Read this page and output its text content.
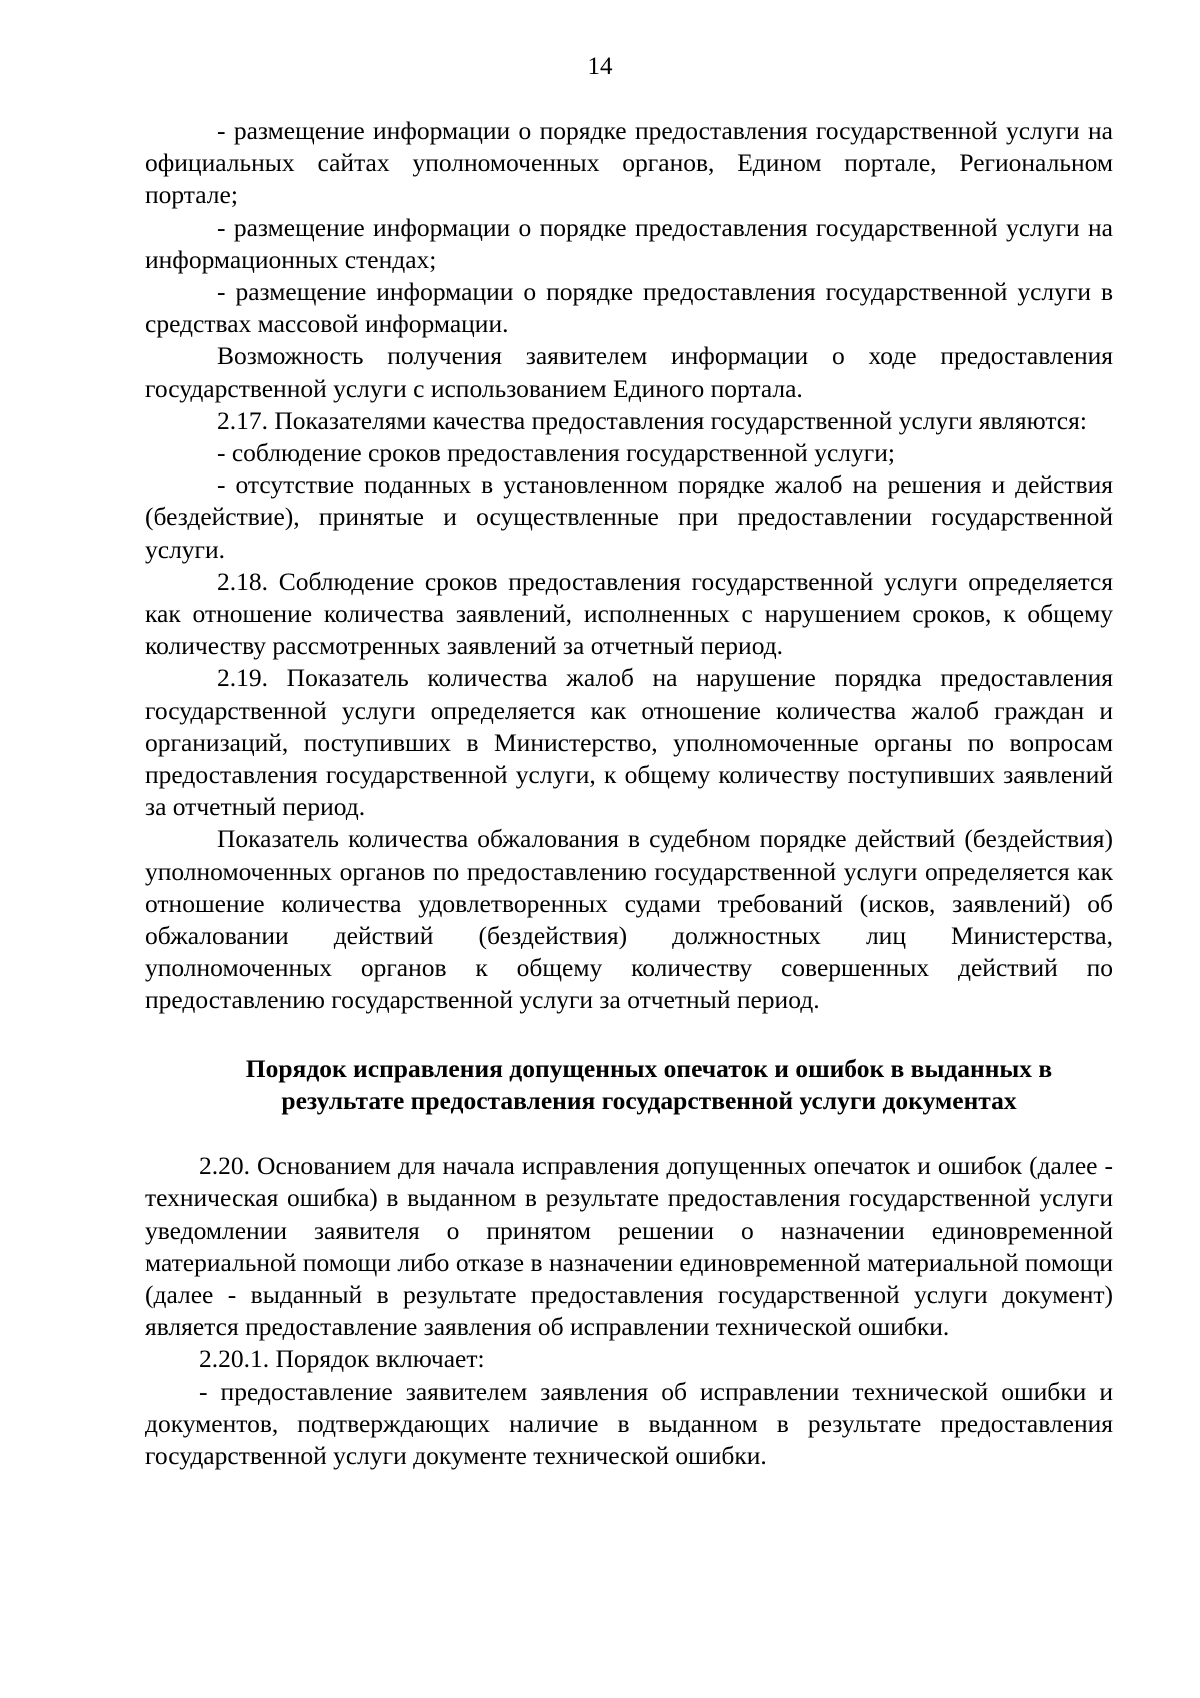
14

- размещение информации о порядке предоставления государственной услуги на официальных сайтах уполномоченных органов, Едином портале, Региональном портале;

- размещение информации о порядке предоставления государственной услуги на информационных стендах;

- размещение информации о порядке предоставления государственной услуги в средствах массовой информации.

Возможность получения заявителем информации о ходе предоставления государственной услуги с использованием Единого портала.

2.17. Показателями качества предоставления государственной услуги являются:

- соблюдение сроков предоставления государственной услуги;

- отсутствие поданных в установленном порядке жалоб на решения и действия (бездействие), принятые и осуществленные при предоставлении государственной услуги.

2.18. Соблюдение сроков предоставления государственной услуги определяется как отношение количества заявлений, исполненных с нарушением сроков, к общему количеству рассмотренных заявлений за отчетный период.

2.19. Показатель количества жалоб на нарушение порядка предоставления государственной услуги определяется как отношение количества жалоб граждан и организаций, поступивших в Министерство, уполномоченные органы по вопросам предоставления государственной услуги, к общему количеству поступивших заявлений за отчетный период.

Показатель количества обжалования в судебном порядке действий (бездействия) уполномоченных органов по предоставлению государственной услуги определяется как отношение количества удовлетворенных судами требований (исков, заявлений) об обжаловании действий (бездействия) должностных лиц Министерства, уполномоченных органов к общему количеству совершенных действий по предоставлению государственной услуги за отчетный период.

Порядок исправления допущенных опечаток и ошибок в выданных в результате предоставления государственной услуги документах

2.20. Основанием для начала исправления допущенных опечаток и ошибок (далее - техническая ошибка) в выданном в результате предоставления государственной услуги уведомлении заявителя о принятом решении о назначении единовременной материальной помощи либо отказе в назначении единовременной материальной помощи (далее - выданный в результате предоставления государственной услуги документ) является предоставление заявления об исправлении технической ошибки.

2.20.1. Порядок включает:

- предоставление заявителем заявления об исправлении технической ошибки и документов, подтверждающих наличие в выданном в результате предоставления государственной услуги документе технической ошибки.
